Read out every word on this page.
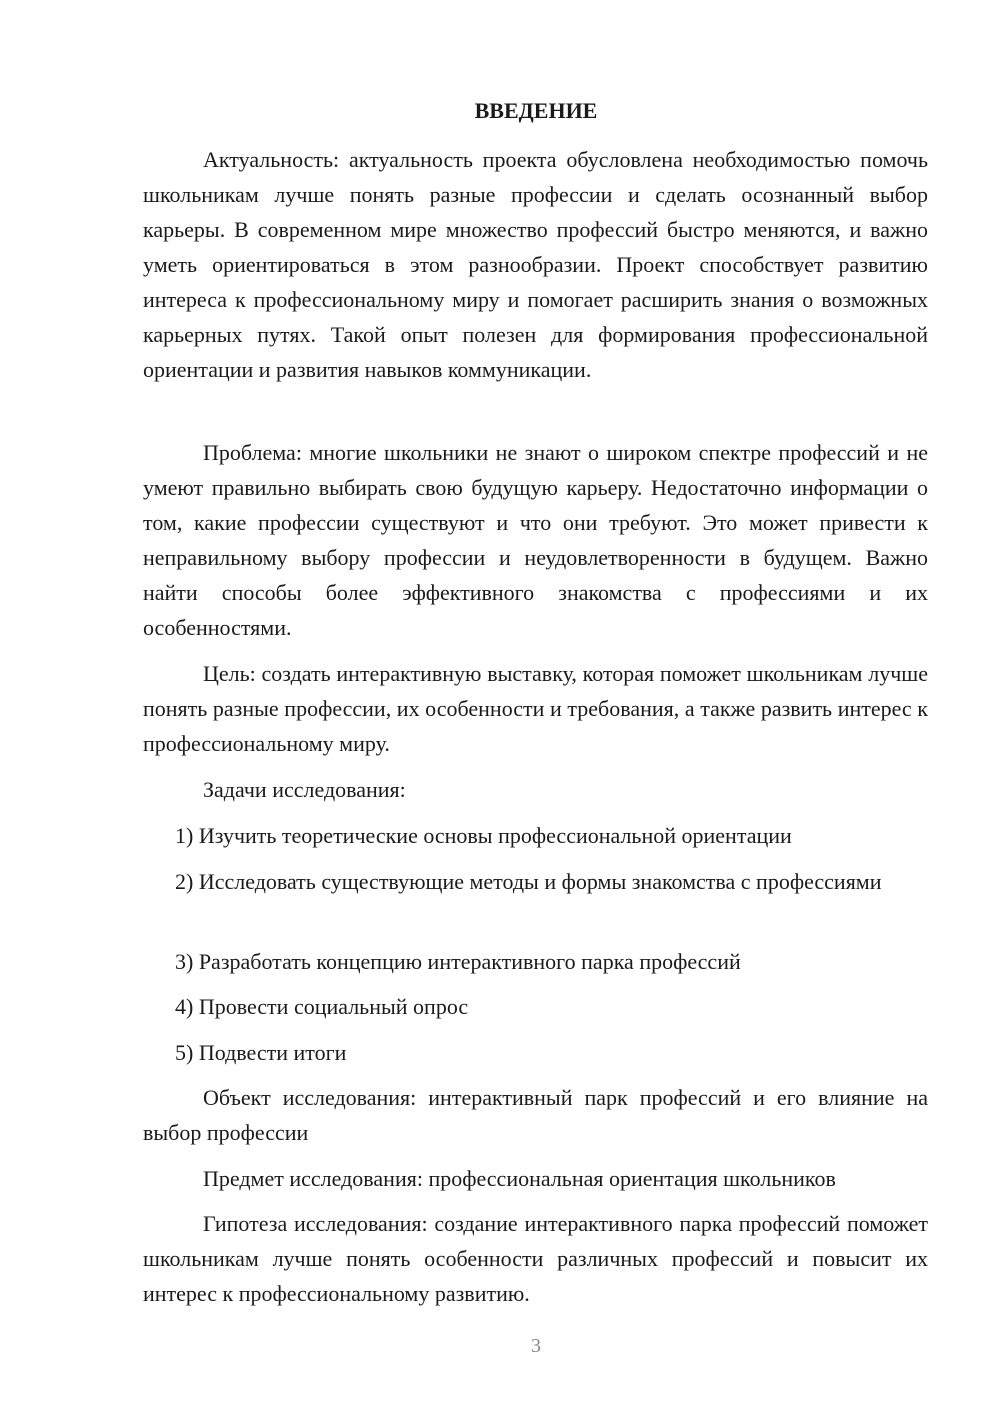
ВВЕДЕНИЕ

Актуальность: актуальность проекта обусловлена необходимостью помочь школьникам лучше понять разные профессии и сделать осознанный выбор карьеры. В современном мире множество профессий быстро меняются, и важно уметь ориентироваться в этом разнообразии. Проект способствует развитию интереса к профессиональному миру и помогает расширить знания о возможных карьерных путях. Такой опыт полезен для формирования профессиональной ориентации и развития навыков коммуникации.

Проблема: многие школьники не знают о широком спектре профессий и не умеют правильно выбирать свою будущую карьеру. Недостаточно информации о том, какие профессии существуют и что они требуют. Это может привести к неправильному выбору профессии и неудовлетворенности в будущем. Важно найти способы более эффективного знакомства с профессиями и их особенностями.

Цель: создать интерактивную выставку, которая поможет школьникам лучше понять разные профессии, их особенности и требования, а также развить интерес к профессиональному миру.

Задачи исследования:

1) Изучить теоретические основы профессиональной ориентации

2) Исследовать существующие методы и формы знакомства с профессиями

3) Разработать концепцию интерактивного парка профессий

4) Провести социальный опрос

5) Подвести итоги

Объект исследования: интерактивный парк профессий и его влияние на выбор профессии

Предмет исследования: профессиональная ориентация школьников

Гипотеза исследования: создание интерактивного парка профессий поможет школьникам лучше понять особенности различных профессий и повысит их интерес к профессиональному развитию.

3
